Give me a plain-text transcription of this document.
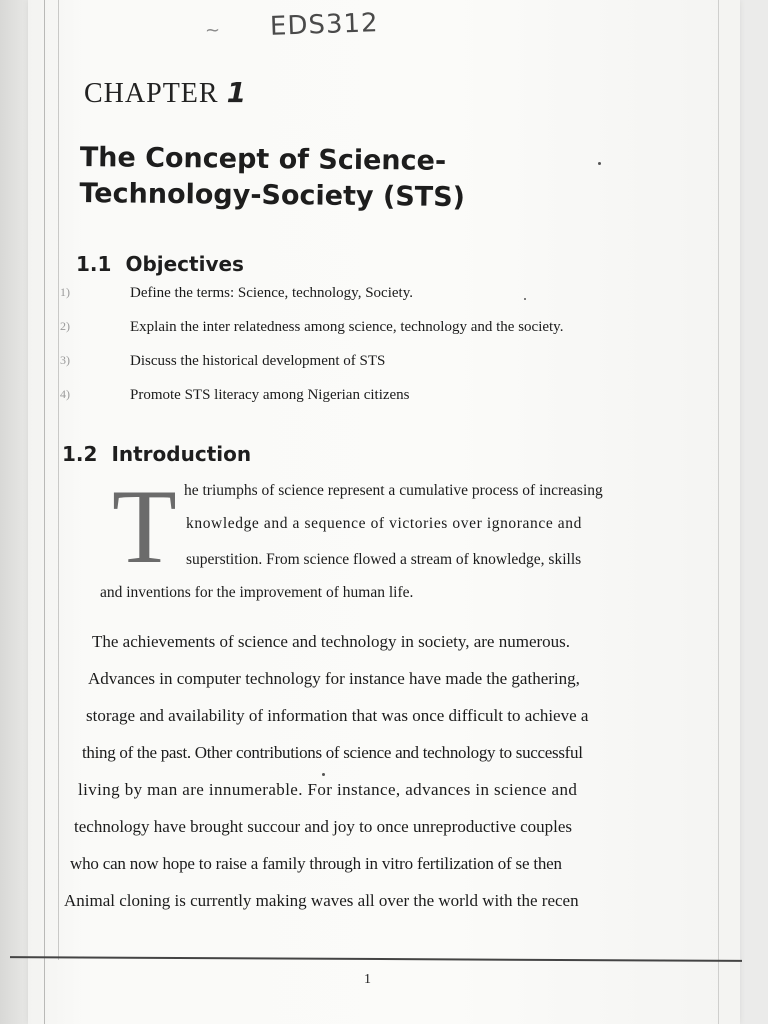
~ EDS312
CHAPTER 1
The Concept of Science-
Technology-Society (STS)
1.1 Objectives
1)	Define the terms: Science, technology, Society.
2)	Explain the inter relatedness among science, technology and the society.
3)	Discuss the historical development of STS
4)	Promote STS literacy among Nigerian citizens
1.2 Introduction
T he triumphs of science represent a cumulative process of increasing
knowledge and a sequence of victories over ignorance and
superstition. From science flowed a stream of knowledge, skills
and inventions for the improvement of human life.
The achievements of science and technology in society, are numerous.
Advances in computer technology for instance have made the gathering,
storage and availability of information that was once difficult to achieve a
thing of the past. Other contributions of science and technology to successful
living by man are innumerable. For instance, advances in science and
technology have brought succour and joy to once unreproductive couples
who can now hope to raise a family through in vitro fertilization of se then
Animal cloning is currently making waves all over the world with the recen
1
